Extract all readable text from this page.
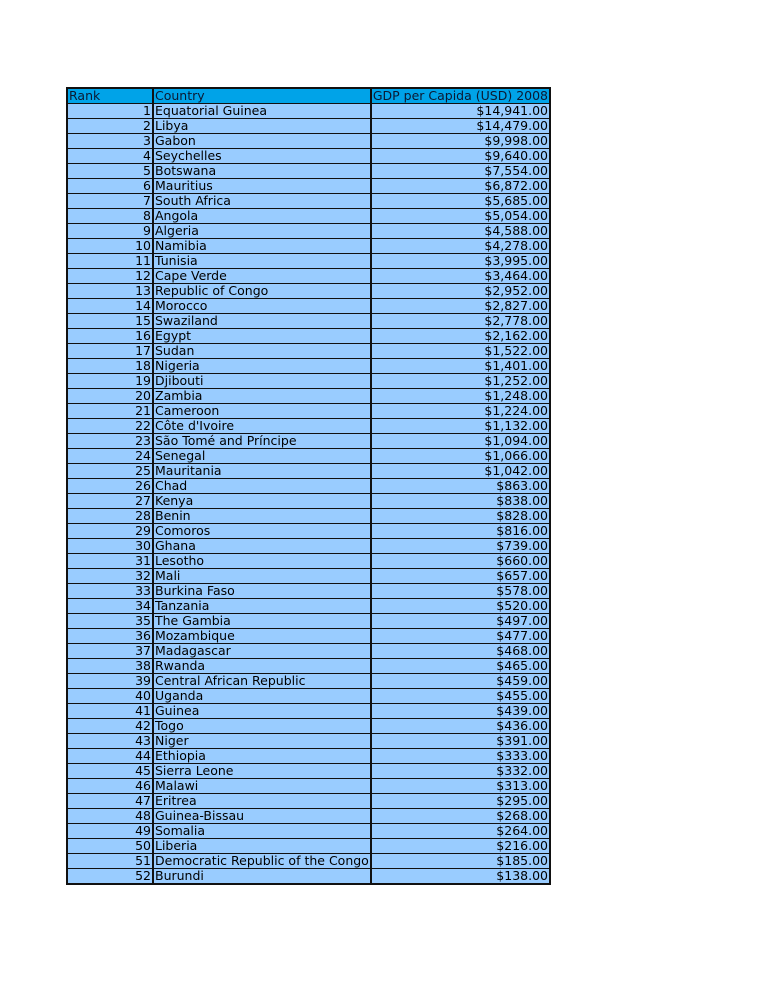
Rank	Country	GDP per Capida (USD) 2008
1	Equatorial Guinea	$14,941.00
2	Libya	$14,479.00
3	Gabon	$9,998.00
4	Seychelles	$9,640.00
5	Botswana	$7,554.00
6	Mauritius	$6,872.00
7	South Africa	$5,685.00
8	Angola	$5,054.00
9	Algeria	$4,588.00
10	Namibia	$4,278.00
11	Tunisia	$3,995.00
12	Cape Verde	$3,464.00
13	Republic of Congo	$2,952.00
14	Morocco	$2,827.00
15	Swaziland	$2,778.00
16	Egypt	$2,162.00
17	Sudan	$1,522.00
18	Nigeria	$1,401.00
19	Djibouti	$1,252.00
20	Zambia	$1,248.00
21	Cameroon	$1,224.00
22	Côte d'Ivoire	$1,132.00
23	São Tomé and Príncipe	$1,094.00
24	Senegal	$1,066.00
25	Mauritania	$1,042.00
26	Chad	$863.00
27	Kenya	$838.00
28	Benin	$828.00
29	Comoros	$816.00
30	Ghana	$739.00
31	Lesotho	$660.00
32	Mali	$657.00
33	Burkina Faso	$578.00
34	Tanzania	$520.00
35	The Gambia	$497.00
36	Mozambique	$477.00
37	Madagascar	$468.00
38	Rwanda	$465.00
39	Central African Republic	$459.00
40	Uganda	$455.00
41	Guinea	$439.00
42	Togo	$436.00
43	Niger	$391.00
44	Ethiopia	$333.00
45	Sierra Leone	$332.00
46	Malawi	$313.00
47	Eritrea	$295.00
48	Guinea-Bissau	$268.00
49	Somalia	$264.00
50	Liberia	$216.00
51	Democratic Republic of the Congo	$185.00
52	Burundi	$138.00
